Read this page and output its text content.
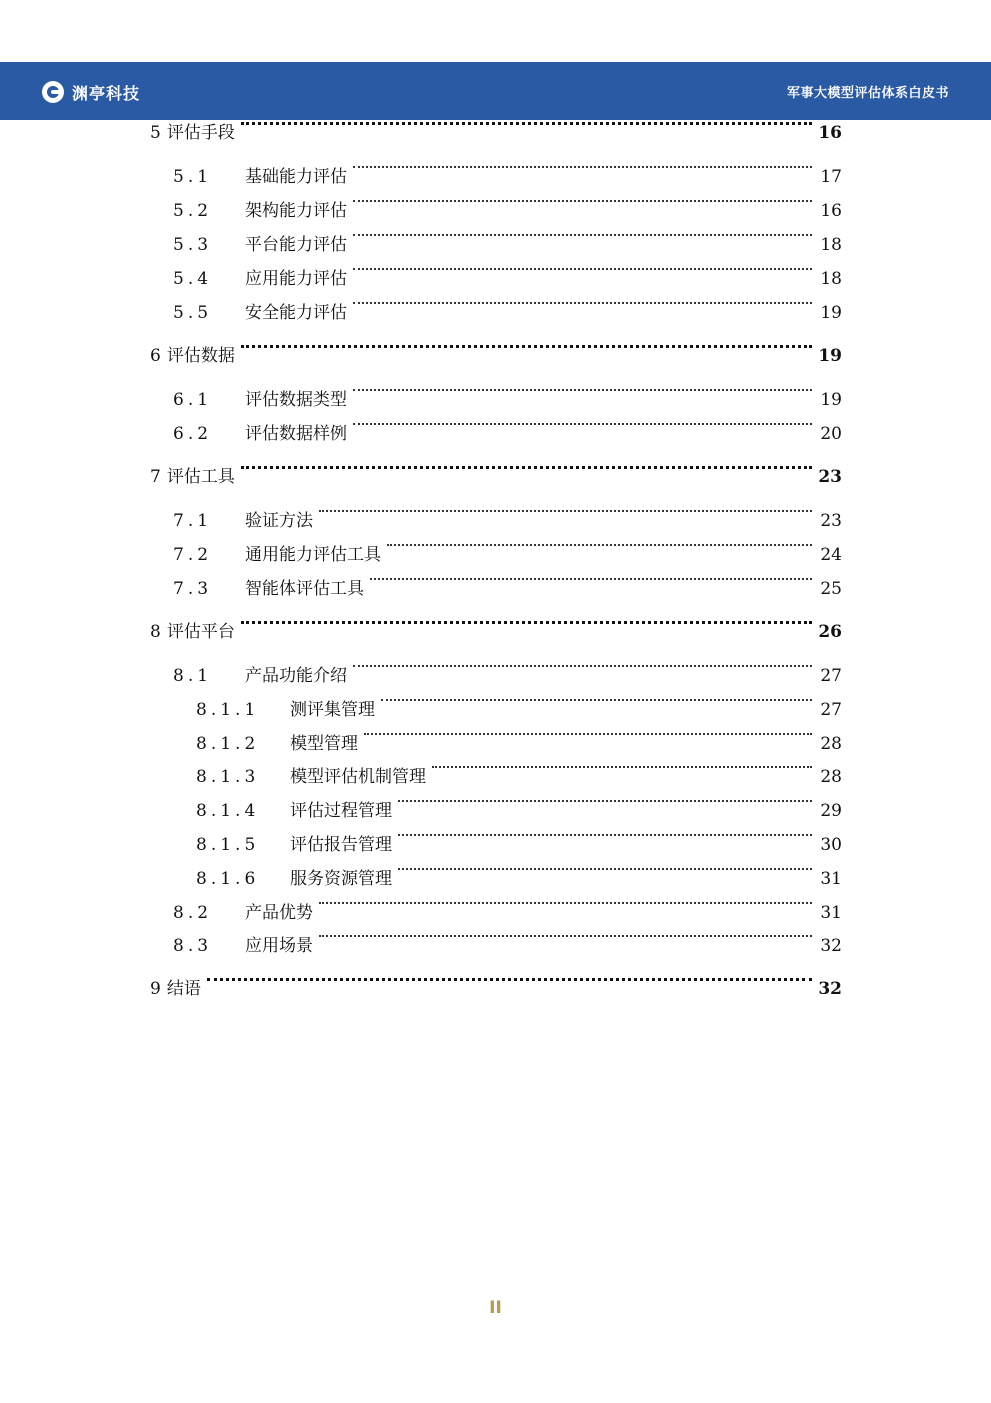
渊亭科技	军事大模型评估体系白皮书
5 评估手段	16
5.1 基础能力评估	17
5.2 架构能力评估	16
5.3 平台能力评估	18
5.4 应用能力评估	18
5.5 安全能力评估	19
6 评估数据	19
6.1 评估数据类型	19
6.2 评估数据样例	20
7 评估工具	23
7.1 验证方法	23
7.2 通用能力评估工具	24
7.3 智能体评估工具	25
8 评估平台	26
8.1 产品功能介绍	27
8.1.1 测评集管理	27
8.1.2 模型管理	28
8.1.3 模型评估机制管理	28
8.1.4 评估过程管理	29
8.1.5 评估报告管理	30
8.1.6 服务资源管理	31
8.2 产品优势	31
8.3 应用场景	32
9 结语	32
II
